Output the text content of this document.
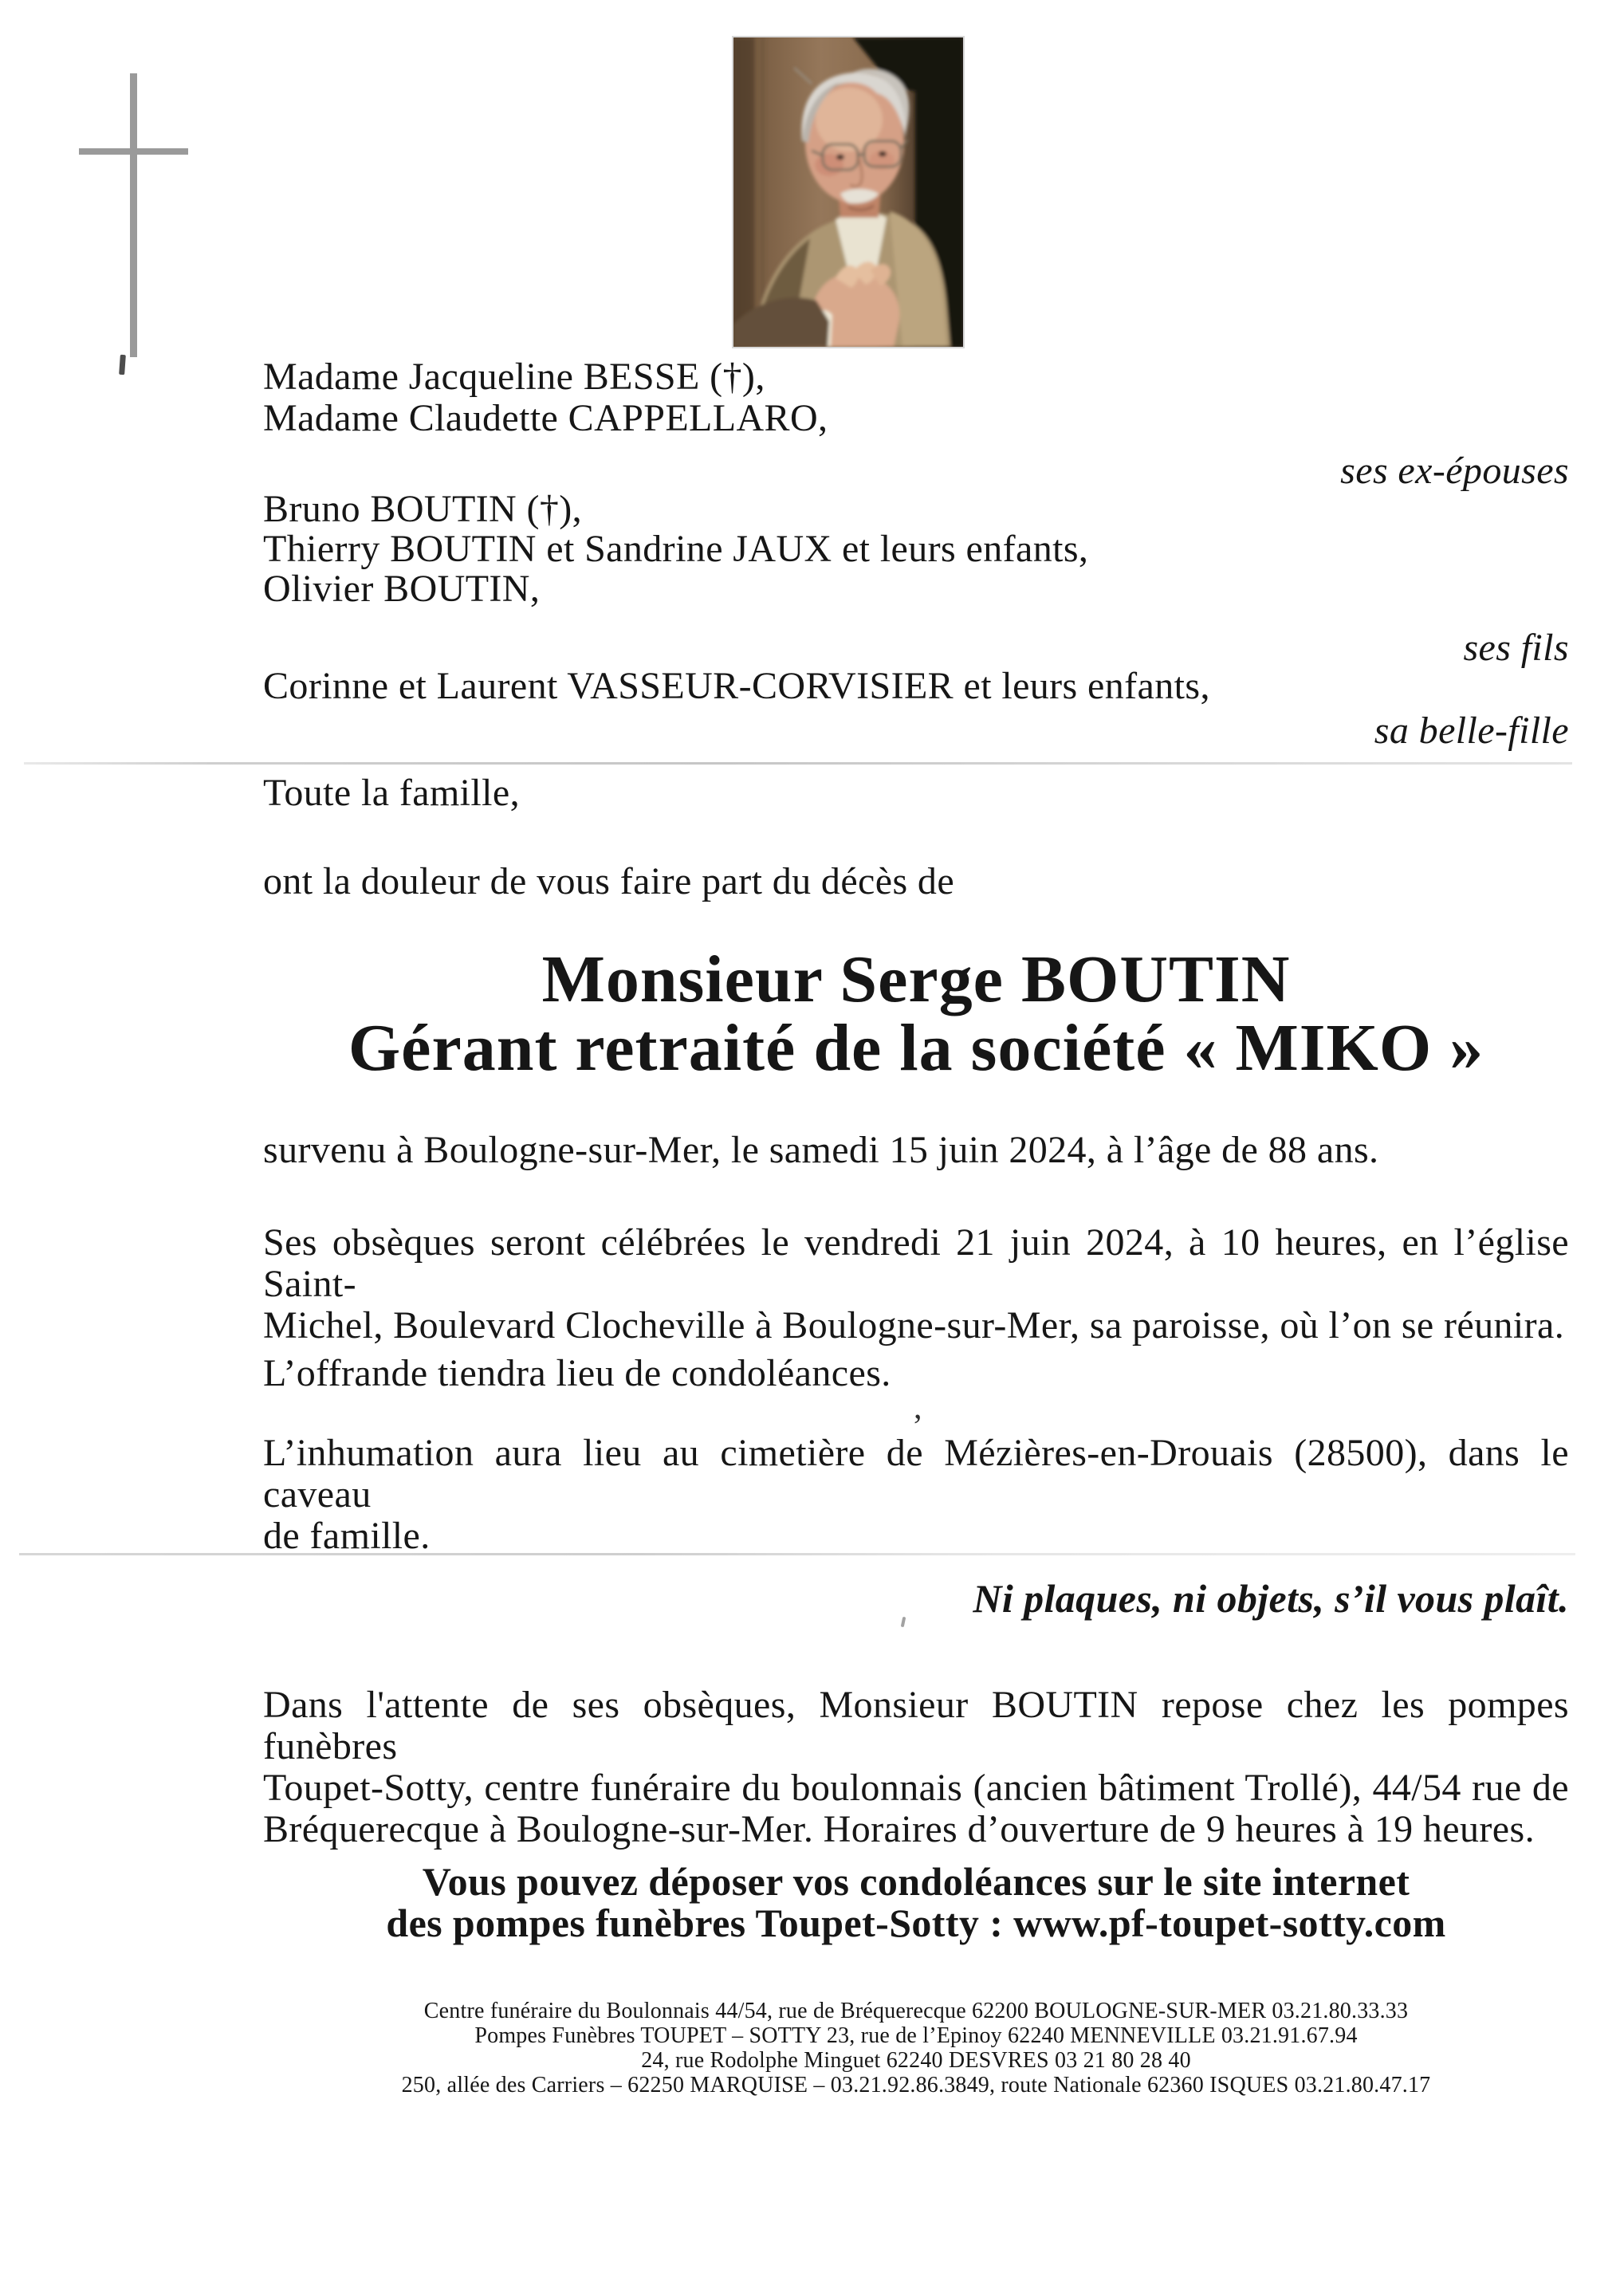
,
Madame Jacqueline BESSE (†),
Madame Claudette CAPPELLARO,
ses ex-épouses
Bruno BOUTIN (†),
Thierry BOUTIN et Sandrine JAUX et leurs enfants,
Olivier BOUTIN,
ses fils
Corinne et Laurent VASSEUR-CORVISIER et leurs enfants,
sa belle-fille
Toute la famille,
ont la douleur de vous faire part du décès de
Monsieur Serge BOUTIN
Gérant retraité de la société « MIKO »
survenu à Boulogne-sur-Mer, le samedi 15 juin 2024, à l’âge de 88 ans.
Ses obsèques seront célébrées le vendredi 21 juin 2024, à 10 heures, en l’église Saint-
Michel, Boulevard Clocheville à Boulogne-sur-Mer, sa paroisse, où l’on se réunira.
L’offrande tiendra lieu de condoléances.
L’inhumation aura lieu au cimetière de Mézières-en-Drouais (28500), dans le caveau
de famille.
Ni plaques, ni objets, s’il vous plaît.
Dans l'attente de ses obsèques, Monsieur BOUTIN repose chez les pompes funèbres
Toupet-Sotty, centre funéraire du boulonnais (ancien bâtiment Trollé), 44/54 rue de
Bréquerecque à Boulogne-sur-Mer. Horaires d’ouverture de 9 heures à 19 heures.
Vous pouvez déposer vos condoléances sur le site internet
des pompes funèbres Toupet-Sotty : www.pf-toupet-sotty.com
Centre funéraire du Boulonnais 44/54, rue de Bréquerecque 62200 BOULOGNE-SUR-MER 03.21.80.33.33
Pompes Funèbres TOUPET – SOTTY 23, rue de l’Epinoy 62240 MENNEVILLE 03.21.91.67.94
24, rue Rodolphe Minguet 62240 DESVRES 03 21 80 28 40
250, allée des Carriers – 62250 MARQUISE – 03.21.92.86.3849, route Nationale 62360 ISQUES 03.21.80.47.17
